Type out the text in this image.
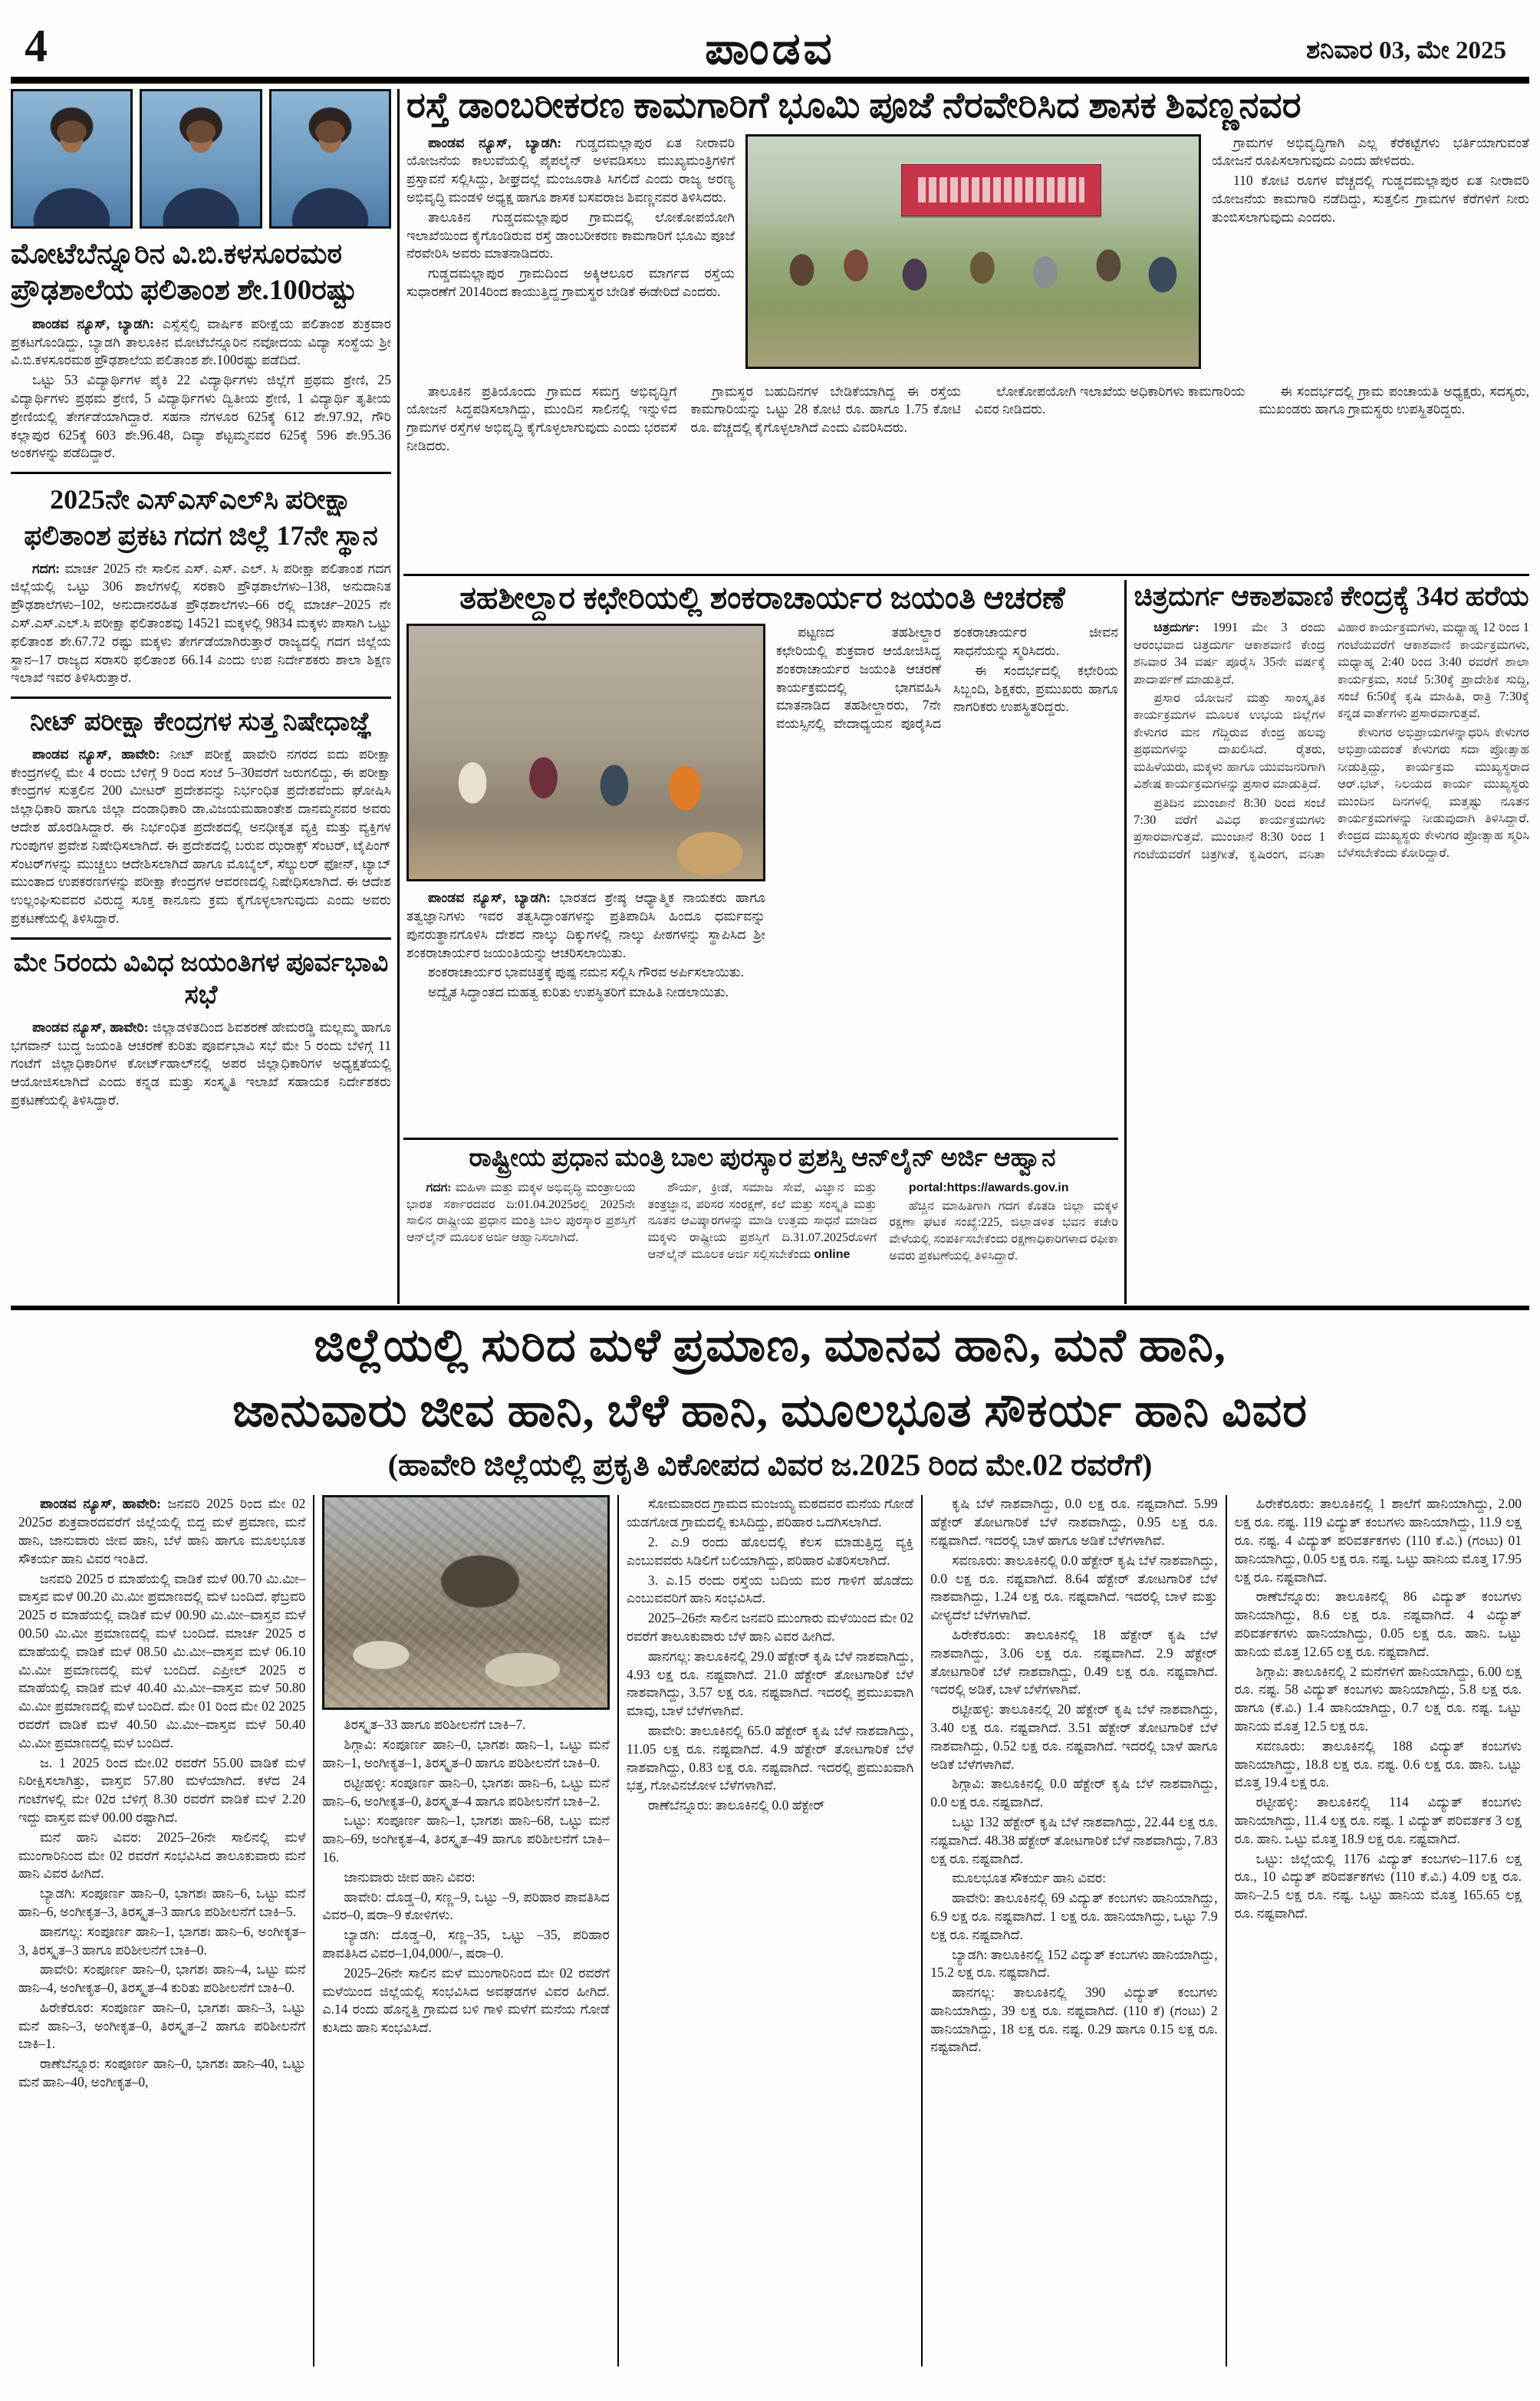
4	ಪಾಂಡವ	ಶನಿವಾರ 03, ಮೇ 2025
ಮೋಟೆಬೆನ್ನೂರಿನ ವಿ.ಬಿ.ಕಳಸೂರಮಠ ಪ್ರೌಢಶಾಲೆಯ ಫಲಿತಾಂಶ ಶೇ.100ರಷ್ಟು

ಪಾಂಡವ ನ್ಯೂಸ್, ಬ್ಯಾಡಗಿ: ಎಸ್ಸೆಸ್ಸೆಲ್ಸಿ ವಾರ್ಷಿಕ ಪರೀಕ್ಷೆಯ ಪಲಿತಾಂಶ ಶುಕ್ರವಾರ ಪ್ರಕಟಗೊಂಡಿದ್ದು, ಬ್ಯಾಡಗಿ ತಾಲೂಕಿನ ಮೋಟೆಬೆನ್ನೂರಿನ ನವೋದಯ ವಿದ್ಯಾ ಸಂಸ್ಥೆಯ ಶ್ರೀ ವಿ.ಬಿ.ಕಳಸೂರಮಠ ಪ್ರೌಢಶಾಲೆಯ ಪಲಿತಾಂಶ ಶೇ.100ರಷ್ಟು ಪಡೆದಿದೆ.

ಒಟ್ಟು 53 ವಿದ್ಯಾರ್ಥಿಗಳ ಪೈಕಿ 22 ವಿದ್ಯಾರ್ಥಿಗಳು ಜಿಲ್ಲೆಗೆ ಪ್ರಥಮ ಶ್ರೇಣಿ, 25 ವಿದ್ಯಾರ್ಥಿಗಳು ಪ್ರಥಮ ಶ್ರೇಣಿ, 5 ವಿದ್ಯಾರ್ಥಿಗಳು ದ್ವಿತೀಯ ಶ್ರೇಣಿ, 1 ವಿದ್ಯಾರ್ಥಿ ತೃತೀಯ ಶ್ರೇಣಿಯಲ್ಲಿ ತೇರ್ಗಡೆಯಾಗಿದ್ದಾರೆ. ಸಹನಾ ನೆಗಳೂರ 625ಕ್ಕೆ 612 ಶೇ.97.92, ಗೌರಿ ಕಲ್ಲಾಪುರ 625ಕ್ಕೆ 603 ಶೇ.96.48, ದಿವ್ಯಾ ಶೆಟ್ಟಮ್ಮನವರ 625ಕ್ಕೆ 596 ಶೇ.95.36 ಅಂಕಗಳನ್ನು ಪಡೆದಿದ್ದಾರೆ.

2025ನೇ ಎಸ್‌ಎಸ್‌ಎಲ್‌ಸಿ ಪರೀಕ್ಷಾ
ಫಲಿತಾಂಶ ಪ್ರಕಟ ಗದಗ ಜಿಲ್ಲೆ 17ನೇ ಸ್ಥಾನ

ಗದಗ: ಮಾರ್ಚ 2025 ನೇ ಸಾಲಿನ ಎಸ್. ಎಸ್. ಎಲ್. ಸಿ ಪರೀಕ್ಷಾ ಪಲಿತಾಂಶ ಗದಗ ಜಿಲ್ಲೆಯಲ್ಲಿ ಒಟ್ಟು 306 ಶಾಲೆಗಳಲ್ಲಿ ಸರಕಾರಿ ಪ್ರೌಢಶಾಲೆಗಳು–138, ಅನುದಾನಿತ ಪ್ರೌಢಶಾಲೆಗಳು–102, ಅನುದಾನರಹಿತ ಪ್ರೌಢಶಾಲೆಗಳು–66 ರಲ್ಲಿ ಮಾರ್ಚ–2025 ನೇ ಎಸ್.ಎಸ್.ಎಲ್.ಸಿ ಪರೀಕ್ಷಾ ಫಲಿತಾಂಶವು 14521 ಮಕ್ಕಳಲ್ಲಿ 9834 ಮಕ್ಕಳು ಪಾಸಾಗಿ ಒಟ್ಟು ಫಲಿತಾಂಶ ಶೇ.67.72 ರಷ್ಟು ಮಕ್ಕಳು ತೇರ್ಗಡೆಯಾಗಿರುತ್ತಾರೆ ರಾಜ್ಯದಲ್ಲಿ ಗದಗ ಜಿಲ್ಲೆಯ ಸ್ಥಾನ–17 ರಾಜ್ಯದ ಸರಾಸರಿ ಫಲಿತಾಂಶ 66.14 ಎಂದು ಉಪ ನಿರ್ದೇಶಕರು ಶಾಲಾ ಶಿಕ್ಷಣ ಇಲಾಖೆ ಇವರ ತಿಳಿಸಿರುತ್ತಾರೆ.

ನೀಟ್ ಪರೀಕ್ಷಾ ಕೇಂದ್ರಗಳ ಸುತ್ತ ನಿಷೇಧಾಜ್ಞೆ

ಪಾಂಡವ ನ್ಯೂಸ್, ಹಾವೇರಿ: ನೀಟ್ ಪರೀಕ್ಷೆ ಹಾವೇರಿ ನಗರದ ಐದು ಪರೀಕ್ಷಾ ಕೇಂದ್ರಗಳಲ್ಲಿ ಮೇ 4 ರಂದು ಬೆಳಿಗ್ಗೆ 9 ರಿಂದ ಸಂಜೆ 5–30ವರೆಗೆ ಜರುಗಲಿದ್ದು, ಈ ಪರೀಕ್ಷಾ ಕೇಂದ್ರಗಳ ಸುತ್ತಲಿನ 200 ಮೀಟರ್ ಪ್ರದೇಶವನ್ನು ನಿರ್ಭಂಧಿತ ಪ್ರದೇಶವೆಂದು ಘೋಷಿಸಿ ಜಿಲ್ಲಾಧಿಕಾರಿ ಹಾಗೂ ಜಿಲ್ಲಾ ದಂಡಾಧಿಕಾರಿ ಡಾ.ವಿಜಯಮಹಾಂತೇಶ ದಾನಮ್ಮನವರ ಅವರು ಆದೇಶ ಹೊರಡಿಸಿದ್ದಾರೆ. ಈ ನಿರ್ಭಂಧಿತ ಪ್ರದೇಶದಲ್ಲಿ ಅನಧೀಕೃತ ವ್ಯಕ್ತಿ ಮತ್ತು ವ್ಯಕ್ತಿಗಳ ಗುಂಪುಗಳ ಪ್ರವೇಶ ನಿಷೇಧಿಸಲಾಗಿದೆ. ಈ ಪ್ರದೇಶದಲ್ಲಿ ಬರುವ ಝರಾಕ್ಸ್ ಸೆಂಟರ್, ಟೈಪಿಂಗ್ ಸೆಂಟರ್‌ಗಳನ್ನು ಮುಚ್ಚಲು ಆದೇಶಿಸಲಾಗಿದೆ ಹಾಗೂ ಮೊಬೈಲ್, ಸೆಲ್ಯುಲರ್ ಫೋನ್, ಟ್ಯಾಬ್ ಮುಂತಾದ ಉಪಕರಣಗಳನ್ನು ಪರೀಕ್ಷಾ ಕೇಂದ್ರಗಳ ಆವರಣದಲ್ಲಿ ನಿಷೇಧಿಸಲಾಗಿದೆ. ಈ ಆದೇಶ ಉಲ್ಲಂಘಿಸುವವರ ವಿರುದ್ಧ ಸೂಕ್ತ ಕಾನೂನು ಕ್ರಮ ಕೈಗೊಳ್ಳಲಾಗುವುದು ಎಂದು ಅವರು ಪ್ರಕಟಣೆಯಲ್ಲಿ ತಿಳಿಸಿದ್ದಾರೆ.

ಮೇ 5ರಂದು ವಿವಿಧ ಜಯಂತಿಗಳ ಪೂರ್ವಭಾವಿ ಸಭೆ

ಪಾಂಡವ ನ್ಯೂಸ್, ಹಾವೇರಿ: ಜಿಲ್ಲಾಡಳಿತದಿಂದ ಶಿವಶರಣೆ ಹೇಮರಡ್ಡಿ ಮಲ್ಲಮ್ಮ ಹಾಗೂ ಭಗವಾನ್ ಬುದ್ದ ಜಯಂತಿ ಆಚರಣೆ ಕುರಿತು ಪೂರ್ವಭಾವಿ ಸಭೆ ಮೇ 5 ರಂದು ಬೆಳಿಗ್ಗೆ 11 ಗಂಟೆಗೆ ಜಿಲ್ಲಾಧಿಕಾರಿಗಳ ಕೋರ್ಟ್‌ಹಾಲ್‌ನಲ್ಲಿ ಅಪರ ಜಿಲ್ಲಾಧಿಕಾರಿಗಳ ಅಧ್ಯಕ್ಷತೆಯಲ್ಲಿ ಆಯೋಜಿಸಲಾಗಿದೆ ಎಂದು ಕನ್ನಡ ಮತ್ತು ಸಂಸ್ಕೃತಿ ಇಲಾಖೆ ಸಹಾಯಕ ನಿರ್ದೇಶಕರು ಪ್ರಕಟಣೆಯಲ್ಲಿ ತಿಳಿಸಿದ್ದಾರೆ.

ರಸ್ತೆ ಡಾಂಬರೀಕರಣ ಕಾಮಗಾರಿಗೆ ಭೂಮಿ ಪೂಜೆ ನೆರವೇರಿಸಿದ ಶಾಸಕ ಶಿವಣ್ಣನವರ

ಪಾಂಡವ ನ್ಯೂಸ್, ಬ್ಯಾಡಗಿ: ಗುಡ್ಡದಮಲ್ಲಾಪುರ ಏತ ನೀರಾವರಿ ಯೋಜನೆಯ ಕಾಲುವೆಯಲ್ಲಿ ಪೈಪಲೈನ್ ಅಳವಡಿಸಲು ಮುಖ್ಯಮಂತ್ರಿಗಳಿಗೆ ಪ್ರಸ್ತಾವನೆ ಸಲ್ಲಿಸಿದ್ದು, ಶೀಘ್ರದಲ್ಲೆ ಮಂಜೂರಾತಿ ಸಿಗಲಿದೆ ಎಂದು ರಾಜ್ಯ ಅರಣ್ಯ ಅಭಿವೃದ್ಧಿ ಮಂಡಳಿ ಅಧ್ಯಕ್ಷ ಹಾಗೂ ಶಾಸಕ ಬಸವರಾಜ ಶಿವಣ್ಣನವರ ತಿಳಿಸಿದರು.

ತಾಲೂಕಿನ ಗುಡ್ಡದಮಲ್ಲಾಪುರ ಗ್ರಾಮದಲ್ಲಿ ಲೋಕೋಪಯೋಗಿ ಇಲಾಖೆಯಿಂದ ಕೈಗೊಂಡಿರುವ ರಸ್ತೆ ಡಾಂಬರೀಕರಣ ಕಾಮಗಾರಿಗೆ ಭೂಮಿ ಪೂಜೆ ನೆರವೇರಿಸಿ ಅವರು ಮಾತನಾಡಿದರು.

ಗುಡ್ಡದಮಲ್ಲಾಪುರ ಗ್ರಾಮದಿಂದ ಅಕ್ಕಿಆಲೂರ ಮಾರ್ಗದ ರಸ್ತೆಯ ಸುಧಾರಣೆಗೆ 2014ರಿಂದ ಕಾಯುತ್ತಿದ್ದ ಗ್ರಾಮಸ್ಥರ ಬೇಡಿಕೆ ಈಡೇರಿದೆ ಎಂದರು.

ಗ್ರಾಮಗಳ ಅಭಿವೃದ್ಧಿಗಾಗಿ ಎಲ್ಲ ಕೆರೆಕಟ್ಟೆಗಳು ಭರ್ತಿಯಾಗುವಂತೆ ಯೋಜನೆ ರೂಪಿಸಲಾಗುವುದು ಎಂದು ಹೇಳಿದರು.

110 ಕೋಟಿ ರೂಗಳ ವೆಚ್ಚದಲ್ಲಿ ಗುಡ್ಡದಮಲ್ಲಾಪುರ ಏತ ನೀರಾವರಿ ಯೋಜನೆಯ ಕಾಮಗಾರಿ ನಡೆದಿದ್ದು, ಸುತ್ತಲಿನ ಗ್ರಾಮಗಳ ಕೆರೆಗಳಿಗೆ ನೀರು ತುಂಬಿಸಲಾಗುವುದು ಎಂದರು.

ತಾಲೂಕಿನ ಪ್ರತಿಯೊಂದು ಗ್ರಾಮದ ಸಮಗ್ರ ಅಭಿವೃದ್ಧಿಗೆ ಯೋಜನೆ ಸಿದ್ಧಪಡಿಸಲಾಗಿದ್ದು, ಮುಂದಿನ ಸಾಲಿನಲ್ಲಿ ಇನ್ನುಳಿದ ಗ್ರಾಮಗಳ ರಸ್ತೆಗಳ ಅಭಿವೃದ್ಧಿ ಕೈಗೊಳ್ಳಲಾಗುವುದು ಎಂದು ಭರವಸೆ ನೀಡಿದರು.

ಗ್ರಾಮಸ್ಥರ ಬಹುದಿನಗಳ ಬೇಡಿಕೆಯಾಗಿದ್ದ ಈ ರಸ್ತೆಯ ಕಾಮಗಾರಿಯನ್ನು ಒಟ್ಟು 28 ಕೋಟಿ ರೂ. ಹಾಗೂ 1.75 ಕೋಟಿ ರೂ. ವೆಚ್ಚದಲ್ಲಿ ಕೈಗೊಳ್ಳಲಾಗಿದೆ ಎಂದು ವಿವರಿಸಿದರು.

ಲೋಕೋಪಯೋಗಿ ಇಲಾಖೆಯ ಅಧಿಕಾರಿಗಳು ಕಾಮಗಾರಿಯ ವಿವರ ನೀಡಿದರು.

ಈ ಸಂದರ್ಭದಲ್ಲಿ ಗ್ರಾಮ ಪಂಚಾಯತಿ ಅಧ್ಯಕ್ಷರು, ಸದಸ್ಯರು, ಮುಖಂಡರು ಹಾಗೂ ಗ್ರಾಮಸ್ಥರು ಉಪಸ್ಥಿತರಿದ್ದರು.

ತಹಶೀಲ್ದಾರ ಕಛೇರಿಯಲ್ಲಿ ಶಂಕರಾಚಾರ್ಯರ ಜಯಂತಿ ಆಚರಣೆ

ಪಾಂಡವ ನ್ಯೂಸ್, ಬ್ಯಾಡಗಿ: ಭಾರತದ ಶ್ರೇಷ್ಠ ಆಧ್ಯಾತ್ಮಿಕ ನಾಯಕರು ಹಾಗೂ ತತ್ವಜ್ಞಾನಿಗಳು ಇವರ ತತ್ವಸಿದ್ಧಾಂತಗಳನ್ನು ಪ್ರತಿಪಾದಿಸಿ ಹಿಂದೂ ಧರ್ಮವನ್ನು ಪುನರುತ್ಥಾನಗೊಳಿಸಿ ದೇಶದ ನಾಲ್ಕು ದಿಕ್ಕುಗಳಲ್ಲಿ ನಾಲ್ಕು ಪೀಠಗಳನ್ನು ಸ್ಥಾಪಿಸಿದ ಶ್ರೀ ಶಂಕರಾಚಾರ್ಯರ ಜಯಂತಿಯನ್ನು ಆಚರಿಸಲಾಯಿತು.

ಶಂಕರಾಚಾರ್ಯರ ಭಾವಚಿತ್ರಕ್ಕೆ ಪುಷ್ಪ ನಮನ ಸಲ್ಲಿಸಿ ಗೌರವ ಅರ್ಪಿಸಲಾಯಿತು.

ಅದ್ವೈತ ಸಿದ್ಧಾಂತದ ಮಹತ್ವ ಕುರಿತು ಉಪಸ್ಥಿತರಿಗೆ ಮಾಹಿತಿ ನೀಡಲಾಯಿತು.

ಪಟ್ಟಣದ ತಹಶೀಲ್ದಾರ ಕಛೇರಿಯಲ್ಲಿ ಶುಕ್ರವಾರ ಆಯೋಜಿಸಿದ್ದ ಶಂಕರಾಚಾರ್ಯರ ಜಯಂತಿ ಆಚರಣೆ ಕಾರ್ಯಕ್ರಮದಲ್ಲಿ ಭಾಗವಹಿಸಿ ಮಾತನಾಡಿದ ತಹಶೀಲ್ದಾರರು, 7ನೇ ವಯಸ್ಸಿನಲ್ಲಿ ವೇದಾಧ್ಯಯನ ಪೂರೈಸಿದ ಶಂಕರಾಚಾರ್ಯರ ಜೀವನ ಸಾಧನೆಯನ್ನು ಸ್ಮರಿಸಿದರು.

ಈ ಸಂದರ್ಭದಲ್ಲಿ ಕಛೇರಿಯ ಸಿಬ್ಬಂದಿ, ಶಿಕ್ಷಕರು, ಪ್ರಮುಖರು ಹಾಗೂ ನಾಗರಿಕರು ಉಪಸ್ಥಿತರಿದ್ದರು.

ಚಿತ್ರದುರ್ಗ ಆಕಾಶವಾಣಿ ಕೇಂದ್ರಕ್ಕೆ 34ರ ಹರೆಯ

ಚಿತ್ರದುರ್ಗ: 1991 ಮೇ 3 ರಂದು ಆರಂಭವಾದ ಚಿತ್ರದುರ್ಗ ಆಕಾಶವಾಣಿ ಕೇಂದ್ರ ಶನಿವಾರ 34 ವರ್ಷ ಪೂರೈಸಿ 35ನೇ ವರ್ಷಕ್ಕೆ ಪಾದಾರ್ಪಣೆ ಮಾಡುತ್ತಿದೆ.

ಪ್ರಸಾರ ಯೋಜನೆ ಮತ್ತು ಸಾಂಸ್ಕೃತಿಕ ಕಾರ್ಯಕ್ರಮಗಳ ಮೂಲಕ ಉಭಯ ಜಿಲ್ಲೆಗಳ ಕೇಳುಗರ ಮನ ಗೆದ್ದಿರುವ ಕೇಂದ್ರ ಹಲವು ಪ್ರಥಮಗಳನ್ನು ದಾಖಲಿಸಿದೆ. ರೈತರು, ಮಹಿಳೆಯರು, ಮಕ್ಕಳು ಹಾಗೂ ಯುವಜನರಿಗಾಗಿ ವಿಶೇಷ ಕಾರ್ಯಕ್ರಮಗಳನ್ನು ಪ್ರಸಾರ ಮಾಡುತ್ತಿದೆ.

ಪ್ರತಿದಿನ ಮುಂಜಾನೆ 8:30 ರಿಂದ ಸಂಜೆ 7:30 ವರೆಗೆ ವಿವಿಧ ಕಾರ್ಯಕ್ರಮಗಳು ಪ್ರಸಾರವಾಗುತ್ತವೆ. ಮುಂಜಾನೆ 8:30 ರಿಂದ 1 ಗಂಟೆಯವರೆಗೆ ಚಿತ್ರಗೀತೆ, ಕೃಷಿರಂಗ, ವನಿತಾ ವಿಹಾರ ಕಾರ್ಯಕ್ರಮಗಳು, ಮಧ್ಯಾಹ್ನ 12 ರಿಂದ 1 ಗಂಟೆಯವರೆಗೆ ಆಕಾಶವಾಣಿ ಕಾರ್ಯಕ್ರಮಗಳು, ಮಧ್ಯಾಹ್ನ 2:40 ರಿಂದ 3:40 ರವರೆಗೆ ಶಾಲಾ ಕಾರ್ಯಕ್ರಮ, ಸಂಜೆ 5:30ಕ್ಕೆ ಪ್ರಾದೇಶಿಕ ಸುದ್ದಿ, ಸಂಜೆ 6:50ಕ್ಕೆ ಕೃಷಿ ಮಾಹಿತಿ, ರಾತ್ರಿ 7:30ಕ್ಕೆ ಕನ್ನಡ ವಾರ್ತೆಗಳು ಪ್ರಸಾರವಾಗುತ್ತವೆ.

ಕೇಳುಗರ ಅಭಿಪ್ರಾಯಗಳನ್ನಾಧರಿಸಿ ಕೇಳುಗರ ಅಭಿಪ್ರಾಯದಂತೆ ಕೇಳುಗರು ಸದಾ ಪ್ರೋತ್ಸಾಹ ನೀಡುತ್ತಿದ್ದು, ಕಾರ್ಯಕ್ರಮ ಮುಖ್ಯಸ್ಥರಾದ ಆರ್.ಭಟ್, ನಿಲಯದ ಕಾರ್ಯ ಮುಖ್ಯಸ್ಥರು ಮುಂದಿನ ದಿನಗಳಲ್ಲಿ ಮತ್ತಷ್ಟು ನೂತನ ಕಾರ್ಯಕ್ರಮಗಳನ್ನು ನೀಡುವುದಾಗಿ ತಿಳಿಸಿದ್ದಾರೆ. ಕೇಂದ್ರದ ಮುಖ್ಯಸ್ಥರು ಕೇಳುಗರ ಪ್ರೋತ್ಸಾಹ ಸ್ಮರಿಸಿ ಬೆಳೆಸಬೇಕೆಂದು ಕೋರಿದ್ದಾರೆ.

ರಾಷ್ಟ್ರೀಯ ಪ್ರಧಾನ ಮಂತ್ರಿ ಬಾಲ ಪುರಸ್ಕಾರ ಪ್ರಶಸ್ತಿ ಆನ್‌ಲೈನ್ ಅರ್ಜಿ ಆಹ್ವಾನ

ಗದಗ: ಮಹಿಳಾ ಮತ್ತು ಮಕ್ಕಳ ಅಭಿವೃದ್ಧಿ ಮಂತ್ರಾಲಯ ಭಾರತ ಸರ್ಕಾರದವರ ದಿ:01.04.2025ರಲ್ಲಿ 2025ನೇ ಸಾಲಿನ ರಾಷ್ಟ್ರೀಯ ಪ್ರಧಾನ ಮಂತ್ರಿ ಬಾಲ ಪುರಸ್ಕಾರ ಪ್ರಶಸ್ತಿಗೆ ಆನ್‌ಲೈನ್ ಮೂಲಕ ಅರ್ಜಿ ಆಹ್ವಾನಿಸಲಾಗಿದೆ.

ಶೌರ್ಯ, ಕ್ರೀಡೆ, ಸಮಾಜ ಸೇವೆ, ವಿಜ್ಞಾನ ಮತ್ತು ತಂತ್ರಜ್ಞಾನ, ಪರಿಸರ ಸಂರಕ್ಷಣೆ, ಕಲೆ ಮತ್ತು ಸಂಸ್ಕೃತಿ ಮತ್ತು ನೂತನ ಆವಿಷ್ಕಾರಗಳನ್ನು ಮಾಡಿ ಉತ್ತಮ ಸಾಧನೆ ಮಾಡಿದ ಮಕ್ಕಳು ರಾಷ್ಟ್ರೀಯ ಪ್ರಶಸ್ತಿಗೆ ದಿ.31.07.2025ರೊಳಗೆ ಆನ್‌ಲೈನ್ ಮೂಲಕ ಅರ್ಜಿ ಸಲ್ಲಿಸಬೇಕೆಂದು online

portal:https://awards.gov.in

ಹೆಚ್ಚಿನ ಮಾಹಿತಿಗಾಗಿ ಗದಗ ಕೊತಡಿ ಜಿಲ್ಲಾ ಮಕ್ಕಳ ರಕ್ಷಣಾ ಘಟಕ ಸಂಖ್ಯೆ:225, ಜಿಲ್ಲಾಡಳಿತ ಭವನ ಕಚೇರಿ ವೇಳೆಯಲ್ಲಿ ಸಂಪರ್ಕಿಸಬೇಕೆಂದು ರಕ್ಷಣಾಧಿಕಾರಿಗಳಾದ ರಫೀಕಾ ಅವರು ಪ್ರಕಟಣೆಯಲ್ಲಿ ತಿಳಿಸಿದ್ದಾರೆ.

ಜಿಲ್ಲೆಯಲ್ಲಿ ಸುರಿದ ಮಳೆ ಪ್ರಮಾಣ, ಮಾನವ ಹಾನಿ, ಮನೆ ಹಾನಿ,
ಜಾನುವಾರು ಜೀವ ಹಾನಿ, ಬೆಳೆ ಹಾನಿ, ಮೂಲಭೂತ ಸೌಕರ್ಯ ಹಾನಿ ವಿವರ
(ಹಾವೇರಿ ಜಿಲ್ಲೆಯಲ್ಲಿ ಪ್ರಕೃತಿ ವಿಕೋಪದ ವಿವರ ಜ.2025 ರಿಂದ ಮೇ.02 ರವರೆಗೆ)

ಪಾಂಡವ ನ್ಯೂಸ್, ಹಾವೇರಿ: ಜನವರಿ 2025 ರಿಂದ ಮೇ 02 2025ರ ಶುಕ್ರವಾರದವರೆಗೆ ಜಿಲ್ಲೆಯಲ್ಲಿ ಬಿದ್ದ ಮಳೆ ಪ್ರಮಾಣ, ಮನೆ ಹಾನಿ, ಜಾನುವಾರು ಜೀವ ಹಾನಿ, ಬೆಳೆ ಹಾನಿ ಹಾಗೂ ಮೂಲಭೂತ ಸೌಕರ್ಯ ಹಾನಿ ವಿವರ ಇಂತಿದೆ.

ಜನವರಿ 2025 ರ ಮಾಹೆಯಲ್ಲಿ ವಾಡಿಕೆ ಮಳೆ 00.70 ಮಿ.ಮೀ–ವಾಸ್ತವ ಮಳೆ 00.20 ಮಿ.ಮೀ ಪ್ರಮಾಣದಲ್ಲಿ ಮಳೆ ಬಂದಿದೆ. ಫೆಬ್ರವರಿ 2025 ರ ಮಾಹೆಯಲ್ಲಿ ವಾಡಿಕೆ ಮಳೆ 00.90 ಮಿ.ಮೀ–ವಾಸ್ತವ ಮಳೆ 00.50 ಮಿ.ಮೀ ಪ್ರಮಾಣದಲ್ಲಿ ಮಳೆ ಬಂದಿದೆ. ಮಾರ್ಚ 2025 ರ ಮಾಹೆಯಲ್ಲಿ ವಾಡಿಕೆ ಮಳೆ 08.50 ಮಿ.ಮೀ–ವಾಸ್ತವ ಮಳೆ 06.10 ಮಿ.ಮೀ ಪ್ರಮಾಣದಲ್ಲಿ ಮಳೆ ಬಂದಿದೆ. ಎಪ್ರೀಲ್ 2025 ರ ಮಾಹೆಯಲ್ಲಿ ವಾಡಿಕೆ ಮಳೆ 40.40 ಮಿ.ಮೀ–ವಾಸ್ತವ ಮಳೆ 50.80 ಮಿ.ಮೀ ಪ್ರಮಾಣದಲ್ಲಿ ಮಳೆ ಬಂದಿದೆ. ಮೇ 01 ರಿಂದ ಮೇ 02 2025 ರವರೆಗೆ ವಾಡಿಕೆ ಮಳೆ 40.50 ಮಿ.ಮೀ–ವಾಸ್ತವ ಮಳೆ 50.40 ಮಿ.ಮೀ ಪ್ರಮಾಣದಲ್ಲಿ ಮಳೆ ಬಂದಿದೆ.

ಜ. 1 2025 ರಿಂದ ಮೇ.02 ರವರೆಗೆ 55.00 ವಾಡಿಕೆ ಮಳೆ ನಿರೀಕ್ಷಿಸಲಾಗಿತ್ತು, ವಾಸ್ತವ 57.80 ಮಳೆಯಾಗಿದೆ. ಕಳೆದ 24 ಗಂಟೆಗಳಲ್ಲಿ ಮೇ 02ರ ಬೆಳಿಗ್ಗೆ 8.30 ರವರೆಗೆ ವಾಡಿಕೆ ಮಳೆ 2.20 ಇದ್ದು ವಾಸ್ತವ ಮಳೆ 00.00 ರಷ್ಟಾಗಿದೆ.

ಮನೆ ಹಾನಿ ವಿವರ: 2025–26ನೇ ಸಾಲಿನಲ್ಲಿ ಮಳೆ ಮುಂಗಾರಿನಿಂದ ಮೇ 02 ರವರೆಗೆ ಸಂಭವಿಸಿದ ತಾಲೂಕುವಾರು ಮನೆ ಹಾನಿ ವಿವರ ಹೀಗಿದೆ.

ಬ್ಯಾಡಗಿ: ಸಂಪೂರ್ಣ ಹಾನಿ–0, ಭಾಗಶಃ ಹಾನಿ–6, ಒಟ್ಟು ಮನೆ ಹಾನಿ–6, ಅಂಗೀಕೃತ–3, ತಿರಸ್ಕೃತ–3 ಹಾಗೂ ಪರಿಶೀಲನೆಗೆ ಬಾಕಿ–5.

ಹಾನಗಲ್ಲ: ಸಂಪೂರ್ಣ ಹಾನಿ–1, ಭಾಗಶಃ ಹಾನಿ–6, ಅಂಗೀಕೃತ–3, ತಿರಸ್ಕೃತ–3 ಹಾಗೂ ಪರಿಶೀಲನೆಗೆ ಬಾಕಿ–0.

ಹಾವೇರಿ: ಸಂಪೂರ್ಣ ಹಾನಿ–0, ಭಾಗಶಃ ಹಾನಿ–4, ಒಟ್ಟು ಮನೆ ಹಾನಿ–4, ಅಂಗೀಕೃತ–0, ತಿರಸ್ಕೃತ–4 ಕುರಿತು ಪರಿಶೀಲನೆಗೆ ಬಾಕಿ–0.

ಹಿರೇಕೆರೂರ: ಸಂಪೂರ್ಣ ಹಾನಿ–0, ಭಾಗಶಃ ಹಾನಿ–3, ಒಟ್ಟು ಮನೆ ಹಾನಿ–3, ಅಂಗೀಕೃತ–0, ತಿರಸ್ಕೃತ–2 ಹಾಗೂ ಪರಿಶೀಲನೆಗೆ ಬಾಕಿ–1.

ರಾಣೆಬೆನ್ನೂರ: ಸಂಪೂರ್ಣ ಹಾನಿ–0, ಭಾಗಶಃ ಹಾನಿ–40, ಒಟ್ಟು ಮನೆ ಹಾನಿ–40, ಅಂಗೀಕೃತ–0,

ತಿರಸ್ಕೃತ–33 ಹಾಗೂ ಪರಿಶೀಲನೆಗೆ ಬಾಕಿ–7.

ಶಿಗ್ಗಾವಿ: ಸಂಪೂರ್ಣ ಹಾನಿ–0, ಭಾಗಶಃ ಹಾನಿ–1, ಒಟ್ಟು ಮನೆ ಹಾನಿ–1, ಅಂಗೀಕೃತ–1, ತಿರಸ್ಕೃತ–0 ಹಾಗೂ ಪರಿಶೀಲನೆಗೆ ಬಾಕಿ–0.

ರಟ್ಟೀಹಳ್ಳಿ: ಸಂಪೂರ್ಣ ಹಾನಿ–0, ಭಾಗಶಃ ಹಾನಿ–6, ಒಟ್ಟು ಮನೆ ಹಾನಿ–6, ಅಂಗೀಕೃತ–0, ತಿರಸ್ಕೃತ–4 ಹಾಗೂ ಪರಿಶೀಲನೆಗೆ ಬಾಕಿ–2.

ಒಟ್ಟು: ಸಂಪೂರ್ಣ ಹಾನಿ–1, ಭಾಗಶಃ ಹಾನಿ–68, ಒಟ್ಟು ಮನೆ ಹಾನಿ–69, ಅಂಗೀಕೃತ–4, ತಿರಸ್ಕೃತ–49 ಹಾಗೂ ಪರಿಶೀಲನೆಗೆ ಬಾಕಿ–16.

ಜಾನುವಾರು ಜೀವ ಹಾನಿ ವಿವರ:

ಹಾವೇರಿ: ದೊಡ್ಡ–0, ಸಣ್ಣ–9, ಒಟ್ಟು –9, ಪರಿಹಾರ ಪಾವತಿಸಿದ ವಿವರ–0, ಷರಾ–9 ಕೋಳಿಗಳು.

ಬ್ಯಾಡಗಿ: ದೊಡ್ಡ–0, ಸಣ್ಣ–35, ಒಟ್ಟು –35, ಪರಿಹಾರ ಪಾವತಿಸಿದ ವಿವರ–1,04,000/–, ಷರಾ–0.

2025–26ನೇ ಸಾಲಿನ ಮಳೆ ಮುಂಗಾರಿನಿಂದ ಮೇ 02 ರವರೆಗೆ ಮಳೆಯಿಂದ ಜಿಲ್ಲೆಯಲ್ಲಿ ಸಂಭವಿಸಿದ ಅವಘಡಗಳ ವಿವರ ಹೀಗಿದೆ. ಎ.14 ರಂದು ಹೊನ್ನತ್ತಿ ಗ್ರಾಮದ ಬಳಿ ಗಾಳಿ ಮಳೆಗೆ ಮನೆಯ ಗೋಡೆ ಕುಸಿದು ಹಾನಿ ಸಂಭವಿಸಿದೆ.

ಸೋಮವಾರದ ಗ್ರಾಮದ ಮಂಜಯ್ಯ ಮಠದವರ ಮನೆಯ ಗೋಡೆ ಯಡಗೋಡ ಗ್ರಾಮದಲ್ಲಿ ಕುಸಿದಿದ್ದು, ಪರಿಹಾರ ಒದಗಿಸಲಾಗಿದೆ.

2. ಎ.9 ರಂದು ಹೊಲದಲ್ಲಿ ಕೆಲಸ ಮಾಡುತ್ತಿದ್ದ ವ್ಯಕ್ತಿ ಎಂಬುವವರು ಸಿಡಿಲಿಗೆ ಬಲಿಯಾಗಿದ್ದು, ಪರಿಹಾರ ವಿತರಿಸಲಾಗಿದೆ.

3. ಎ.15 ರಂದು ರಸ್ತೆಯ ಬದಿಯ ಮರ ಗಾಳಿಗೆ ಹೊಡೆದು ಎಂಬುವವರಿಗೆ ಹಾನಿ ಸಂಭವಿಸಿದೆ.

2025–26ನೇ ಸಾಲಿನ ಜನವರಿ ಮುಂಗಾರು ಮಳೆಯಿಂದ ಮೇ 02 ರವರೆಗೆ ತಾಲೂಕುವಾರು ಬೆಳೆ ಹಾನಿ ವಿವರ ಹೀಗಿದೆ.

ಹಾನಗಲ್ಲ: ತಾಲೂಕಿನಲ್ಲಿ 29.0 ಹೆಕ್ಟೇರ್ ಕೃಷಿ ಬೆಳೆ ನಾಶವಾಗಿದ್ದು, 4.93 ಲಕ್ಷ ರೂ. ನಷ್ಟವಾಗಿದೆ. 21.0 ಹೆಕ್ಟೇರ್ ತೋಟಗಾರಿಕೆ ಬೆಳೆ ನಾಶವಾಗಿದ್ದು, 3.57 ಲಕ್ಷ ರೂ. ನಷ್ಟವಾಗಿದೆ. ಇದರಲ್ಲಿ ಪ್ರಮುಖವಾಗಿ ಮಾವು, ಬಾಳೆ ಬೆಳೆಗಳಾಗಿವೆ.

ಹಾವೇರಿ: ತಾಲೂಕಿನಲ್ಲಿ 65.0 ಹೆಕ್ಟೇರ್ ಕೃಷಿ ಬೆಳೆ ನಾಶವಾಗಿದ್ದು, 11.05 ಲಕ್ಷ ರೂ. ನಷ್ಟವಾಗಿದೆ. 4.9 ಹೆಕ್ಟೇರ್ ತೋಟಗಾರಿಕೆ ಬೆಳೆ ನಾಶವಾಗಿದ್ದು, 0.83 ಲಕ್ಷ ರೂ. ನಷ್ಟವಾಗಿದೆ. ಇದರಲ್ಲಿ ಪ್ರಮುಖವಾಗಿ ಭತ್ತ, ಗೋವಿನಜೋಳ ಬೆಳೆಗಳಾಗಿವೆ.

ರಾಣೆಬೆನ್ನೂರು: ತಾಲೂಕಿನಲ್ಲಿ 0.0 ಹೆಕ್ಟೇರ್

ಕೃಷಿ ಬೆಳೆ ನಾಶವಾಗಿದ್ದು, 0.0 ಲಕ್ಷ ರೂ. ನಷ್ಟವಾಗಿದೆ. 5.99 ಹೆಕ್ಟೇರ್ ತೋಟಗಾರಿಕೆ ಬೆಳೆ ನಾಶವಾಗಿದ್ದು, 0.95 ಲಕ್ಷ ರೂ. ನಷ್ಟವಾಗಿದೆ. ಇದರಲ್ಲಿ ಬಾಳೆ ಹಾಗೂ ಅಡಿಕೆ ಬೆಳೆಗಳಾಗಿವೆ.

ಸವಣೂರು: ತಾಲೂಕಿನಲ್ಲಿ 0.0 ಹೆಕ್ಟೇರ್ ಕೃಷಿ ಬೆಳೆ ನಾಶವಾಗಿದ್ದು, 0.0 ಲಕ್ಷ ರೂ. ನಷ್ಟವಾಗಿದೆ. 8.64 ಹೆಕ್ಟೇರ್ ತೋಟಗಾರಿಕೆ ಬೆಳೆ ನಾಶವಾಗಿದ್ದು, 1.24 ಲಕ್ಷ ರೂ. ನಷ್ಟವಾಗಿದೆ. ಇದರಲ್ಲಿ ಬಾಳೆ ಮತ್ತು ವೀಳ್ಯದೆಲೆ ಬೆಳೆಗಳಾಗಿವೆ.

ಹಿರೇಕೆರೂರು: ತಾಲೂಕಿನಲ್ಲಿ 18 ಹೆಕ್ಟೇರ್ ಕೃಷಿ ಬೆಳೆ ನಾಶವಾಗಿದ್ದು, 3.06 ಲಕ್ಷ ರೂ. ನಷ್ಟವಾಗಿದೆ. 2.9 ಹೆಕ್ಟೇರ್ ತೋಟಗಾರಿಕೆ ಬೆಳೆ ನಾಶವಾಗಿದ್ದು, 0.49 ಲಕ್ಷ ರೂ. ನಷ್ಟವಾಗಿದೆ. ಇದರಲ್ಲಿ ಅಡಿಕೆ, ಬಾಳೆ ಬೆಳೆಗಳಾಗಿವೆ.

ರಟ್ಟೀಹಳ್ಳಿ: ತಾಲೂಕಿನಲ್ಲಿ 20 ಹೆಕ್ಟೇರ್ ಕೃಷಿ ಬೆಳೆ ನಾಶವಾಗಿದ್ದು, 3.40 ಲಕ್ಷ ರೂ. ನಷ್ಟವಾಗಿದೆ. 3.51 ಹೆಕ್ಟೇರ್ ತೋಟಗಾರಿಕೆ ಬೆಳೆ ನಾಶವಾಗಿದ್ದು, 0.52 ಲಕ್ಷ ರೂ. ನಷ್ಟವಾಗಿದೆ. ಇದರಲ್ಲಿ ಬಾಳೆ ಹಾಗೂ ಅಡಿಕೆ ಬೆಳೆಗಳಾಗಿವೆ.

ಶಿಗ್ಗಾವಿ: ತಾಲೂಕಿನಲ್ಲಿ 0.0 ಹೆಕ್ಟೇರ್ ಕೃಷಿ ಬೆಳೆ ನಾಶವಾಗಿದ್ದು, 0.0 ಲಕ್ಷ ರೂ. ನಷ್ಟವಾಗಿದೆ.

ಒಟ್ಟು 132 ಹೆಕ್ಟೇರ್ ಕೃಷಿ ಬೆಳೆ ನಾಶವಾಗಿದ್ದು, 22.44 ಲಕ್ಷ ರೂ. ನಷ್ಟವಾಗಿದೆ. 48.38 ಹೆಕ್ಟೇರ್ ತೋಟಗಾರಿಕೆ ಬೆಳೆ ನಾಶವಾಗಿದ್ದು, 7.83 ಲಕ್ಷ ರೂ. ನಷ್ಟವಾಗಿದೆ.

ಮೂಲಭೂತ ಸೌಕರ್ಯ ಹಾನಿ ವಿವರ:

ಹಾವೇರಿ: ತಾಲೂಕಿನಲ್ಲಿ 69 ವಿದ್ಯುತ್ ಕಂಬಗಳು ಹಾನಿಯಾಗಿದ್ದು, 6.9 ಲಕ್ಷ ರೂ. ನಷ್ಟವಾಗಿದೆ. 1 ಲಕ್ಷ ರೂ. ಹಾನಿಯಾಗಿದ್ದು, ಒಟ್ಟು 7.9 ಲಕ್ಷ ರೂ. ನಷ್ಟವಾಗಿದೆ.

ಬ್ಯಾಡಗಿ: ತಾಲೂಕಿನಲ್ಲಿ 152 ವಿದ್ಯುತ್ ಕಂಬಗಳು ಹಾನಿಯಾಗಿದ್ದು, 15.2 ಲಕ್ಷ ರೂ. ನಷ್ಟವಾಗಿದೆ.

ಹಾನಗಲ್ಲ: ತಾಲೂಕಿನಲ್ಲಿ 390 ವಿದ್ಯುತ್ ಕಂಬಗಳು ಹಾನಿಯಾಗಿದ್ದು, 39 ಲಕ್ಷ ರೂ. ನಷ್ಟವಾಗಿದೆ. (110 ಕೆ) (ಗಂಟು) 2 ಹಾನಿಯಾಗಿದ್ದು, 18 ಲಕ್ಷ ರೂ. ನಷ್ಟ. 0.29 ಹಾಗೂ 0.15 ಲಕ್ಷ ರೂ. ನಷ್ಟವಾಗಿದೆ.

ಹಿರೇಕೆರೂರು: ತಾಲೂಕಿನಲ್ಲಿ 1 ಶಾಲೆಗೆ ಹಾನಿಯಾಗಿದ್ದು, 2.00 ಲಕ್ಷ ರೂ. ನಷ್ಟ. 119 ವಿದ್ಯುತ್ ಕಂಬಗಳು ಹಾನಿಯಾಗಿದ್ದು, 11.9 ಲಕ್ಷ ರೂ. ನಷ್ಟ. 4 ವಿದ್ಯುತ್ ಪರಿವರ್ತಕಗಳು (110 ಕೆ.ವಿ.) (ಗಂಟು) 01 ಹಾನಿಯಾಗಿದ್ದು, 0.05 ಲಕ್ಷ ರೂ. ನಷ್ಟ. ಒಟ್ಟು ಹಾನಿಯ ಮೊತ್ತ 17.95 ಲಕ್ಷ ರೂ. ನಷ್ಟವಾಗಿದೆ.

ರಾಣೆಬೆನ್ನೂರು: ತಾಲೂಕಿನಲ್ಲಿ 86 ವಿದ್ಯುತ್ ಕಂಬಗಳು ಹಾನಿಯಾಗಿದ್ದು, 8.6 ಲಕ್ಷ ರೂ. ನಷ್ಟವಾಗಿದೆ. 4 ವಿದ್ಯುತ್ ಪರಿವರ್ತಕಗಳು ಹಾನಿಯಾಗಿದ್ದು, 0.05 ಲಕ್ಷ ರೂ. ಹಾನಿ. ಒಟ್ಟು ಹಾನಿಯ ಮೊತ್ತ 12.65 ಲಕ್ಷ ರೂ. ನಷ್ಟವಾಗಿದೆ.

ಶಿಗ್ಗಾವಿ: ತಾಲೂಕಿನಲ್ಲಿ 2 ಮನೆಗಳಿಗೆ ಹಾನಿಯಾಗಿದ್ದು, 6.00 ಲಕ್ಷ ರೂ. ನಷ್ಟ. 58 ವಿದ್ಯುತ್ ಕಂಬಗಳು ಹಾನಿಯಾಗಿದ್ದು, 5.8 ಲಕ್ಷ ರೂ. ಹಾಗೂ (ಕೆ.ವಿ.) 1.4 ಹಾನಿಯಾಗಿದ್ದು, 0.7 ಲಕ್ಷ ರೂ. ನಷ್ಟ. ಒಟ್ಟು ಹಾನಿಯ ಮೊತ್ತ 12.5 ಲಕ್ಷ ರೂ.

ಸವಣೂರು: ತಾಲೂಕಿನಲ್ಲಿ 188 ವಿದ್ಯುತ್ ಕಂಬಗಳು ಹಾನಿಯಾಗಿದ್ದು, 18.8 ಲಕ್ಷ ರೂ. ನಷ್ಟ. 0.6 ಲಕ್ಷ ರೂ. ಹಾನಿ. ಒಟ್ಟು ಮೊತ್ತ 19.4 ಲಕ್ಷ ರೂ.

ರಟ್ಟೀಹಳ್ಳಿ: ತಾಲೂಕಿನಲ್ಲಿ 114 ವಿದ್ಯುತ್ ಕಂಬಗಳು ಹಾನಿಯಾಗಿದ್ದು, 11.4 ಲಕ್ಷ ರೂ. ನಷ್ಟ. 1 ವಿದ್ಯುತ್ ಪರಿವರ್ತಕ 3 ಲಕ್ಷ ರೂ. ಹಾನಿ. ಒಟ್ಟು ಮೊತ್ತ 18.9 ಲಕ್ಷ ರೂ. ನಷ್ಟವಾಗಿದೆ.

ಒಟ್ಟು: ಜಿಲ್ಲೆಯಲ್ಲಿ 1176 ವಿದ್ಯುತ್ ಕಂಬಗಳು–117.6 ಲಕ್ಷ ರೂ., 10 ವಿದ್ಯುತ್ ಪರಿವರ್ತಕಗಳು (110 ಕೆ.ವಿ.) 4.09 ಲಕ್ಷ ರೂ. ಹಾನಿ–2.5 ಲಕ್ಷ ರೂ. ನಷ್ಟ. ಒಟ್ಟು ಹಾನಿಯ ಮೊತ್ತ 165.65 ಲಕ್ಷ ರೂ. ನಷ್ಟವಾಗಿದೆ.
